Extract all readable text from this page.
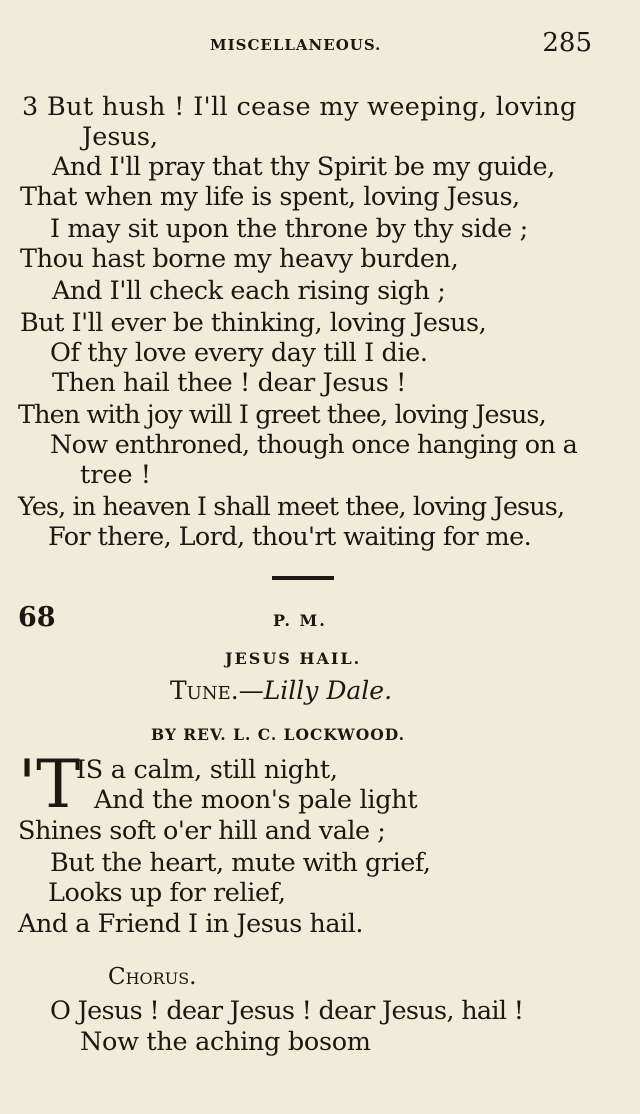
MISCELLANEOUS.	285
3 But hush ! I'll cease my weeping, loving
Jesus,
And I'll pray that thy Spirit be my guide,
That when my life is spent, loving Jesus,
I may sit upon the throne by thy side ;
Thou hast borne my heavy burden,
And I'll check each rising sigh ;
But I'll ever be thinking, loving Jesus,
Of thy love every day till I die.
Then hail thee ! dear Jesus !
Then with joy will I greet thee, loving Jesus,
Now enthroned, though once hanging on a
tree !
Yes, in heaven I shall meet thee, loving Jesus,
For there, Lord, thou'rt waiting for me.
68	P. M.
JESUS HAIL.
Tune.—Lilly Dale.
BY REV. L. C. LOCKWOOD.
'T
IS a calm, still night,
And the moon's pale light
Shines soft o'er hill and vale ;
But the heart, mute with grief,
Looks up for relief,
And a Friend I in Jesus hail.
Chorus.
O Jesus ! dear Jesus ! dear Jesus, hail !
Now the aching bosom
